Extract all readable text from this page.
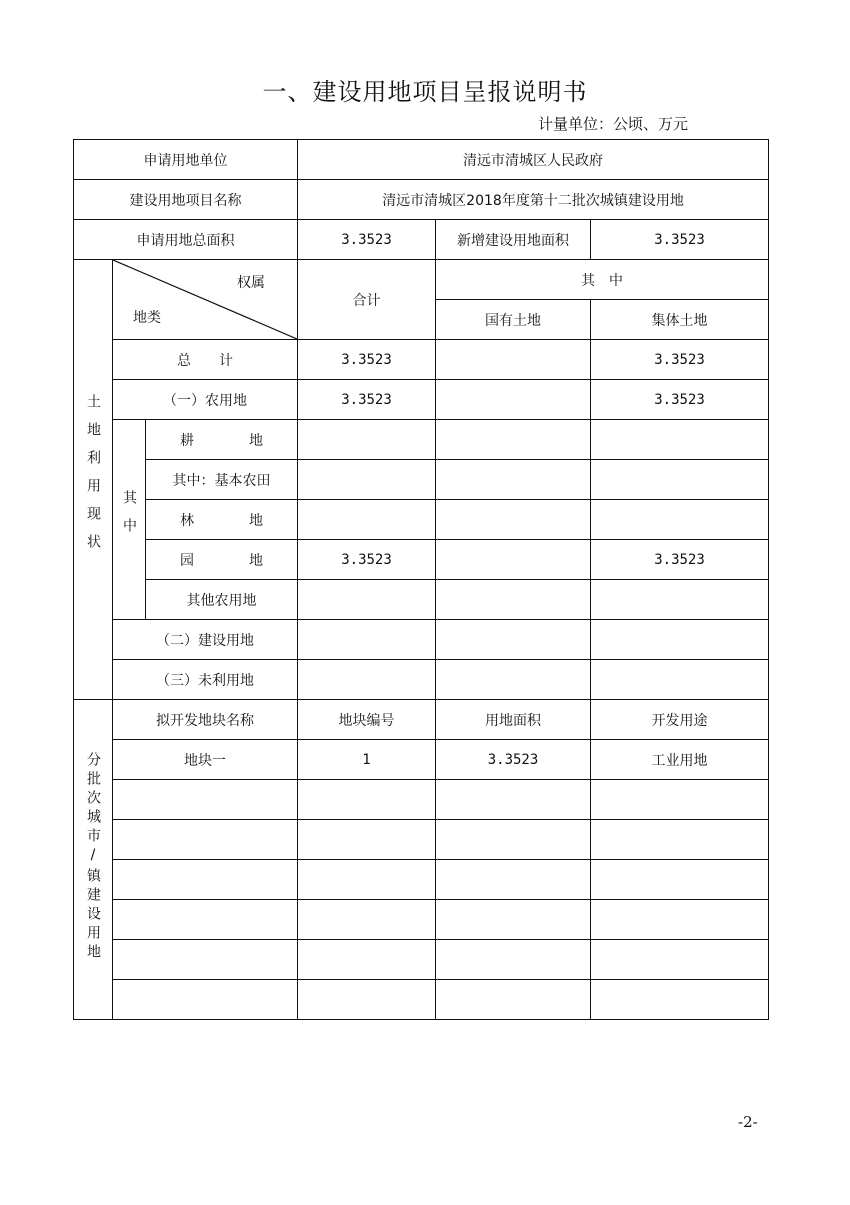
一、建设用地项目呈报说明书
计量单位：公顷、万元
申请用地单位			清远市清城区人民政府		
建设用地项目名称			清远市清城区2018年度第十二批次城镇建设用地		
申请用地总面积			3.3523	新增建设用地面积	3.3523
土地利用现状	权属
地类		合计	其　中	
				国有土地	集体土地
	总   计		3.3523		3.3523
	（一）农用地		3.3523		3.3523
	其中	耕 地			

		其中：基本农田			

		林 地			

		园 地	3.3523		3.3523
		其他农用地			
	（二）建设用地				
	（三）未利用地				
分批次城市/镇建设用地	拟开发地块名称		地块编号	用地面积	开发用途
	地块一		1	3.3523	工业用地

-2-
